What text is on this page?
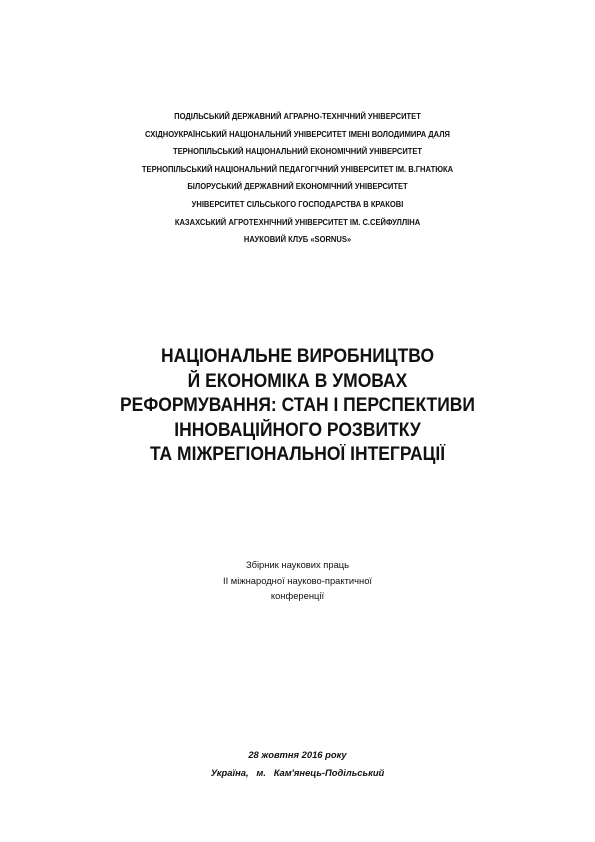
ПОДІЛЬСЬКИЙ ДЕРЖАВНИЙ АГРАРНО-ТЕХНІЧНИЙ УНІВЕРСИТЕТ
СХІДНОУКРАЇНСЬКИЙ НАЦІОНАЛЬНИЙ УНІВЕРСИТЕТ ІМЕНІ ВОЛОДИМИРА ДАЛЯ
ТЕРНОПІЛЬСЬКИЙ НАЦІОНАЛЬНИЙ ЕКОНОМІЧНИЙ УНІВЕРСИТЕТ
ТЕРНОПІЛЬСЬКИЙ НАЦІОНАЛЬНИЙ ПЕДАГОГІЧНИЙ УНІВЕРСИТЕТ ІМ. В.ГНАТЮКА
БІЛОРУСЬКИЙ ДЕРЖАВНИЙ ЕКОНОМІЧНИЙ УНІВЕРСИТЕТ
УНІВЕРСИТЕТ СІЛЬСЬКОГО ГОСПОДАРСТВА В КРАКОВІ
КАЗАХСЬКИЙ АГРОТЕХНІЧНИЙ УНІВЕРСИТЕТ ІМ. С.СЕЙФУЛЛІНА
НАУКОВИЙ КЛУБ «SORNUS»
НАЦІОНАЛЬНЕ ВИРОБНИЦТВО
Й ЕКОНОМІКА В УМОВАХ
РЕФОРМУВАННЯ: СТАН І ПЕРСПЕКТИВИ
ІННОВАЦІЙНОГО РОЗВИТКУ
ТА МІЖРЕГІОНАЛЬНОЇ ІНТЕГРАЦІЇ
Збірник наукових праць
ІІ міжнародної науково-практичної
конференції
28 жовтня 2016 року
Україна,   м.   Кам'янець-Подільський
